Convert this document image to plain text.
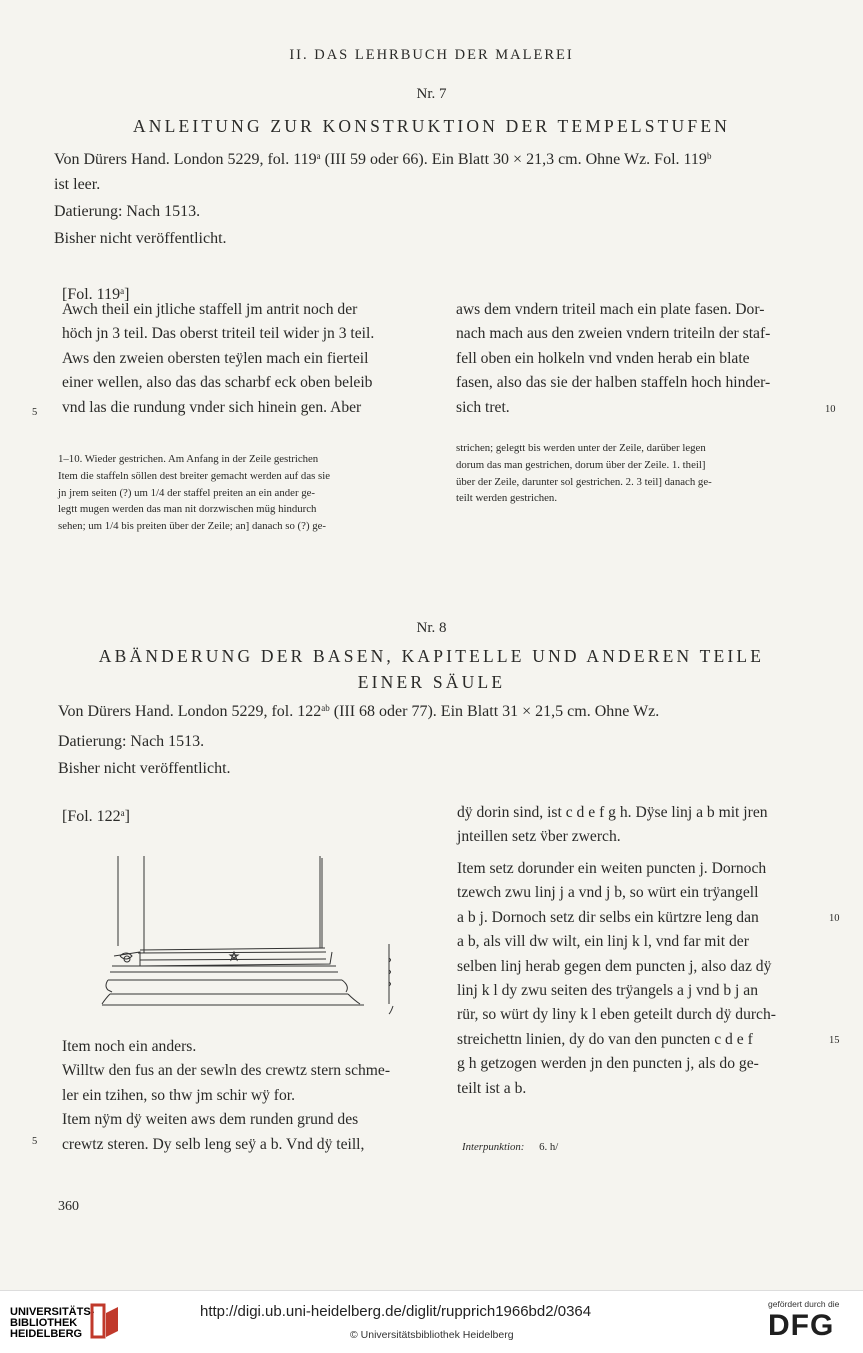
II. DAS LEHRBUCH DER MALEREI
Nr. 7
ANLEITUNG ZUR KONSTRUKTION DER TEMPELSTUFEN
Von Dürers Hand. London 5229, fol. 119$^a$ (III 59 oder 66). Ein Blatt 30 × 21,3 cm. Ohne Wz. Fol. 119$^b$
ist leer.
Datierung: Nach 1513.
Bisher nicht veröffentlicht.
[Fol. 119$^a$]
Awch theil ein jtliche staffell jm antrit noch der
höch jn 3 teil. Das oberst triteil teil wider jn 3 teil.
Aws den zweien obersten teÿlen mach ein fierteil
einer wellen, also das das scharbf eck oben beleib
vnd las die rundung vnder sich hinein gen. Aber
5
aws dem vndern triteil mach ein plate fasen. Dor-
nach mach aus den zweien vndern triteiln der staf-
fell oben ein holkeln vnd vnden herab ein blate
fasen, also das sie der halben staffeln hoch hinder-
sich tret.	10
1–10. Wieder gestrichen. Am Anfang in der Zeile gestrichen
Item die staffeln söllen dest breiter gemacht werden auf das sie
jn jrem seiten (?) um 1/4 der staffel preiten an ein ander ge-
legtt mugen werden das man nit dorzwischen müg hindurch
sehen; um 1/4 bis preiten über der Zeile; an] danach so (?) ge-
strichen; gelegtt bis werden unter der Zeile, darüber legen
dorum das man gestrichen, dorum über der Zeile. 1. theil]
über der Zeile, darunter sol gestrichen. 2. 3 teil] danach ge-
teilt werden gestrichen.
Nr. 8
ABÄNDERUNG DER BASEN, KAPITELLE UND ANDEREN TEILE
EINER SÄULE
Von Dürers Hand. London 5229, fol. $122^{ab}$ (III 68 oder 77). Ein Blatt 31 × 21,5 cm. Ohne Wz.
Datierung: Nach 1513.
Bisher nicht veröffentlicht.
[Fol. 122$^a$]
Item noch ein anders.
Willtw den fus an der sewln des crewtz stern schme-
ler ein tzihen, so thw jm schir wÿ for.
Item nÿm dÿ weiten aws dem runden grund des
crewtz steren. Dy selb leng seÿ a b. Vnd dÿ teill,
5
dÿ dorin sind, ist c d e f g h. Dÿse linj a b mit jren
jnteillen setz v̈ber zwerch.
Item setz dorunder ein weiten puncten j. Dornoch
tzewch zwu linj j a vnd j b, so würt ein trÿangell
a b j. Dornoch setz dir selbs ein kürtzre leng dan
a b, als vill dw wilt, ein linj k l, vnd far mit der
selben linj herab gegen dem puncten j, also daz dÿ
linj k l dy zwu seiten des trÿangels a j vnd b j an
rür, so würt dy liny k l eben geteilt durch dÿ durch-
streichettn linien, dy do van den puncten c d e f
g h getzogen werden jn den puncten j, als do ge-
teilt ist a b.
10
15
Interpunktion: 6. h/
360
UNIVERSITÄTS-
BIBLIOTHEK
HEIDELBERG
http://digi.ub.uni-heidelberg.de/diglit/rupprich1966bd2/0364
© Universitätsbibliothek Heidelberg
gefördert durch die
DFG
